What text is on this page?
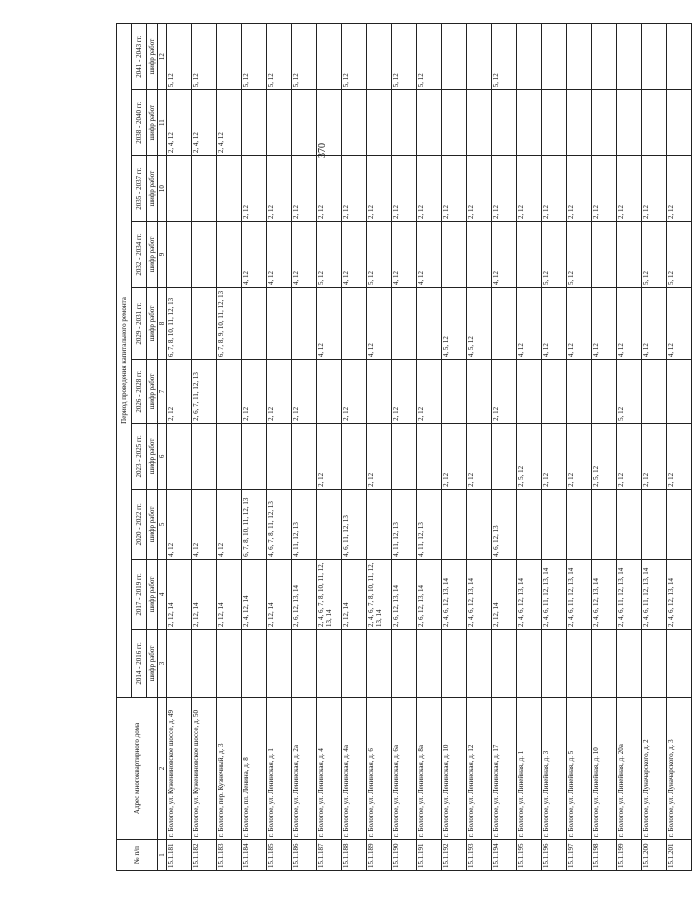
370
№ п/п	Адрес многоквартирного дома	Период проведения капитального ремонта									
		2014 - 2016 гг.	2017 - 2019 гг.	2020 - 2022 гг.	2023 - 2025 гг.	2026 - 2028 гг.	2029 - 2031 гг.	2032 - 2034 гг.	2035 - 2037 гг.	2038 - 2040 гг.	2041 - 2043 гг.
		шифр работ	шифр работ	шифр работ	шифр работ	шифр работ	шифр работ	шифр работ	шифр работ	шифр работ	шифр работ
1	2	3	4	5	6	7	8	9	10	11	12
15.1.181	г. Бологое, ул. Кужениновское шоссе, д. 49		2, 12, 14	4, 12		2, 12	6, 7, 8, 10, 11, 12, 13			2, 4, 12	5, 12
15.1.182	г. Бологое, ул. Кужениновское шоссе, д. 50		2, 12, 14	4, 12		2, 6, 7, 11, 12, 13				2, 4, 12	5, 12
15.1.183	г. Бологое, пер. Кузнечный, д. 3		2, 12, 14	4, 12			6, 7, 8, 9, 10, 11, 12, 13			2, 4, 12	
15.1.184	г. Бологое, пл. Ленина, д. 8		2, 4, 12, 14	6, 7, 8, 10, 11, 12, 13		2, 12		4, 12	2, 12		5, 12
15.1.185	г. Бологое, ул. Ленинская, д. 1		2, 12, 14	4, 6, 7, 8, 11, 12, 13		2, 12		4, 12	2, 12		5, 12
15.1.186	г. Бологое, ул. Ленинская, д. 2а		2, 6, 12, 13, 14	4, 11, 12, 13		2, 12		4, 12	2, 12		5, 12
15.1.187	г. Бологое, ул. Ленинская, д. 4		2, 4, 6, 7, 8, 10, 11, 12, 13, 14		2, 12		4, 12	5, 12	2, 12		
15.1.188	г. Бологое, ул. Ленинская, д. 4а		2, 12, 14	4, 6, 11, 12, 13		2, 12		4, 12	2, 12		5, 12
15.1.189	г. Бологое, ул. Ленинская, д. 6		2, 4, 6, 7, 8, 10, 11, 12, 13, 14		2, 12		4, 12	5, 12	2, 12		
15.1.190	г. Бологое, ул. Ленинская, д. 6а		2, 6, 12, 13, 14	4, 11, 12, 13		2, 12		4, 12	2, 12		5, 12
15.1.191	г. Бологое, ул. Ленинская, д. 8а		2, 6, 12, 13, 14	4, 11, 12, 13		2, 12		4, 12	2, 12		5, 12
15.1.192	г. Бологое, ул. Ленинская, д. 10		2, 4, 6, 12, 13, 14		2, 12		4, 5, 12		2, 12		
15.1.193	г. Бологое, ул. Ленинская, д. 12		2, 4, 6, 12, 13, 14		2, 12		4, 5, 12		2, 12		
15.1.194	г. Бологое, ул. Ленинская, д. 17		2, 12, 14	4, 6, 12, 13		2, 12		4, 12	2, 12		5, 12
15.1.195	г. Бологое, ул. Линейная, д. 1		2, 4, 6, 12, 13, 14		2, 5, 12		4, 12		2, 12		
15.1.196	г. Бологое, ул. Линейная, д. 3		2, 4, 6, 11, 12, 13, 14		2, 12		4, 12	5, 12	2, 12		
15.1.197	г. Бологое, ул. Линейная, д. 5		2, 4, 6, 11, 12, 13, 14		2, 12		4, 12	5, 12	2, 12		
15.1.198	г. Бологое, ул. Линейная, д. 10		2, 4, 6, 12, 13, 14		2, 5, 12		4, 12		2, 12		
15.1.199	г. Бологое, ул. Линейная, д. 20а		2, 4, 6, 11, 12, 13, 14		2, 12	5, 12	4, 12		2, 12		
15.1.200	г. Бологое, ул. Луначарского, д. 2		2, 4, 6, 11, 12, 13, 14		2, 12		4, 12	5, 12	2, 12		
15.1.201	г. Бологое, ул. Луначарского, д. 3		2, 4, 6, 12, 13, 14		2, 12		4, 12	5, 12	2, 12		
